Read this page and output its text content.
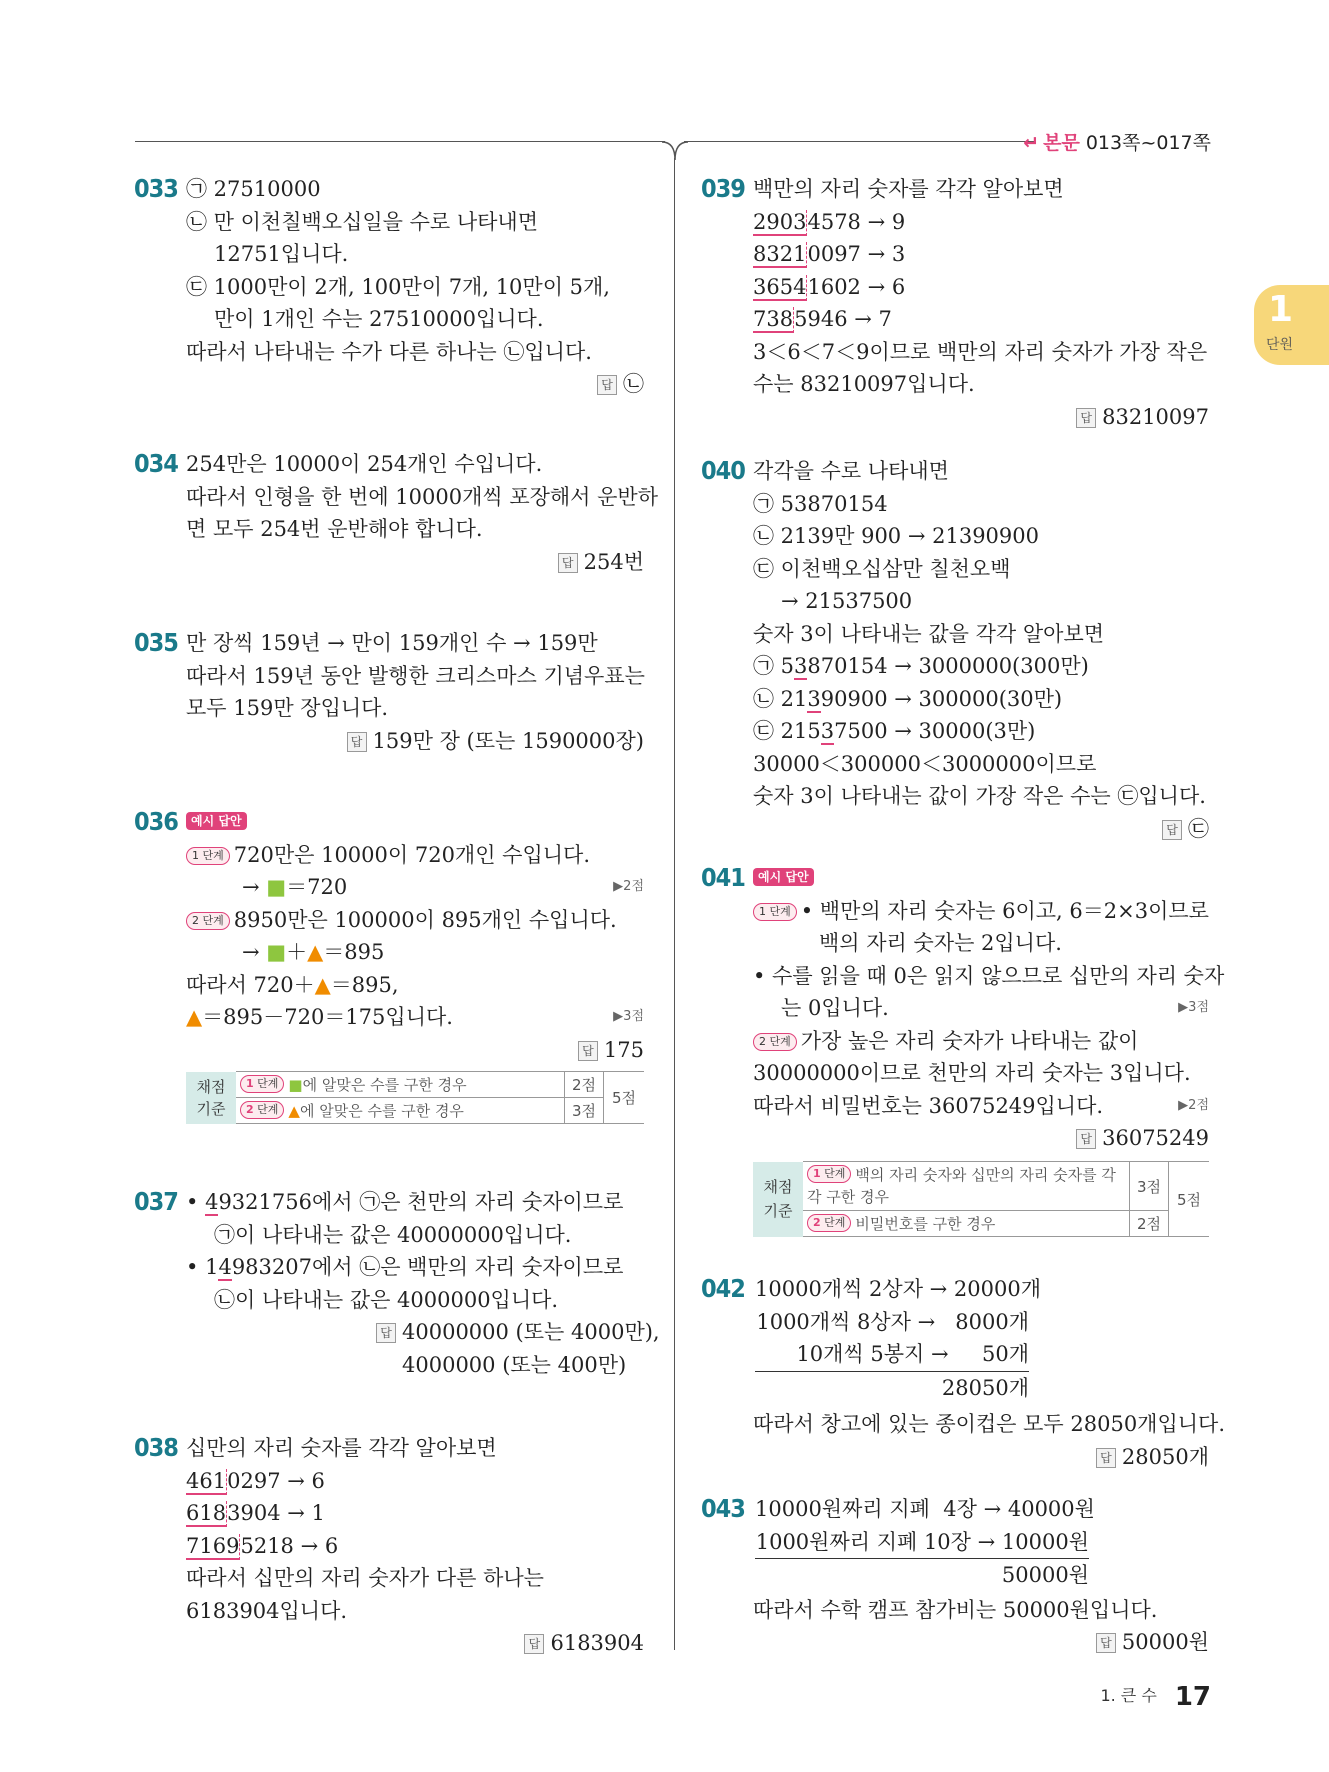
↵ 본문 013쪽~017쪽
1
단원
033 ㉠ 27510000
㉡ 만 이천칠백오십일을 수로 나타내면
12751입니다.
㉢ 1000만이 2개, 100만이 7개, 10만이 5개,
만이 1개인 수는 27510000입니다.
따라서 나타내는 수가 다른 하나는 ㉡입니다.
답 ㉡
034 254만은 10000이 254개인 수입니다.
따라서 인형을 한 번에 10000개씩 포장해서 운반하
면 모두 254번 운반해야 합니다.
답 254번
035 만 장씩 159년 → 만이 159개인 수 → 159만
따라서 159년 동안 발행한 크리스마스 기념우표는
모두 159만 장입니다.
답 159만 장 (또는 1590000장)
036	예시 답안
1 단계 720만은 10000이 720개인 수입니다.
→ ■＝720	▶2점
2 단계 8950만은 100000이 895개인 수입니다.
→ ■＋▲＝895
따라서 720＋▲＝895,
▲＝895－720＝175입니다.	▶3점
답 175
채점 기준	1 단계 ■에 알맞은 수를 구한 경우	2점	5점
	2 단계 ▲에 알맞은 수를 구한 경우	3점	
037 • 49321756에서 ㉠은 천만의 자리 숫자이므로
㉠이 나타내는 값은 40000000입니다.
• 14983207에서 ㉡은 백만의 자리 숫자이므로
㉡이 나타내는 값은 4000000입니다.
답 40000000 (또는 4000만),
4000000 (또는 400만)
038 십만의 자리 숫자를 각각 알아보면
4610297 → 6
6183904 → 1
71695218 → 6
따라서 십만의 자리 숫자가 다른 하나는
6183904입니다.
답 6183904
039 백만의 자리 숫자를 각각 알아보면
29034578 → 9
83210097 → 3
36541602 → 6
7385946 → 7
3＜6＜7＜9이므로 백만의 자리 숫자가 가장 작은
수는 83210097입니다.
답 83210097
040 각각을 수로 나타내면
㉠ 53870154
㉡ 2139만 900 → 21390900
㉢ 이천백오십삼만 칠천오백
→ 21537500
숫자 3이 나타내는 값을 각각 알아보면
㉠ 53870154 → 3000000(300만)
㉡ 21390900 → 300000(30만)
㉢ 21537500 → 30000(3만)
30000＜300000＜3000000이므로
숫자 3이 나타내는 값이 가장 작은 수는 ㉢입니다.
답 ㉢
041	예시 답안
1 단계 • 백만의 자리 숫자는 6이고, 6＝2×3이므로
백의 자리 숫자는 2입니다.
• 수를 읽을 때 0은 읽지 않으므로 십만의 자리 숫자
는 0입니다.	▶3점
2 단계 가장 높은 자리 숫자가 나타내는 값이
30000000이므로 천만의 자리 숫자는 3입니다.
따라서 비밀번호는 36075249입니다.	▶2점
답 36075249
채점 기준	1 단계 백의 자리 숫자와 십만의 자리 숫자를 각각 구한 경우	3점	5점
	2 단계 비밀번호를 구한 경우	2점	
042 10000개씩 2상자 → 20000개
1000개씩 8상자 →   8000개
10개씩 5봉지 →     50개
28050개
따라서 창고에 있는 종이컵은 모두 28050개입니다.
답 28050개
043 10000원짜리 지폐  4장 → 40000원
1000원짜리 지폐 10장 → 10000원
50000원
따라서 수학 캠프 참가비는 50000원입니다.
답 50000원
1. 큰 수 17
